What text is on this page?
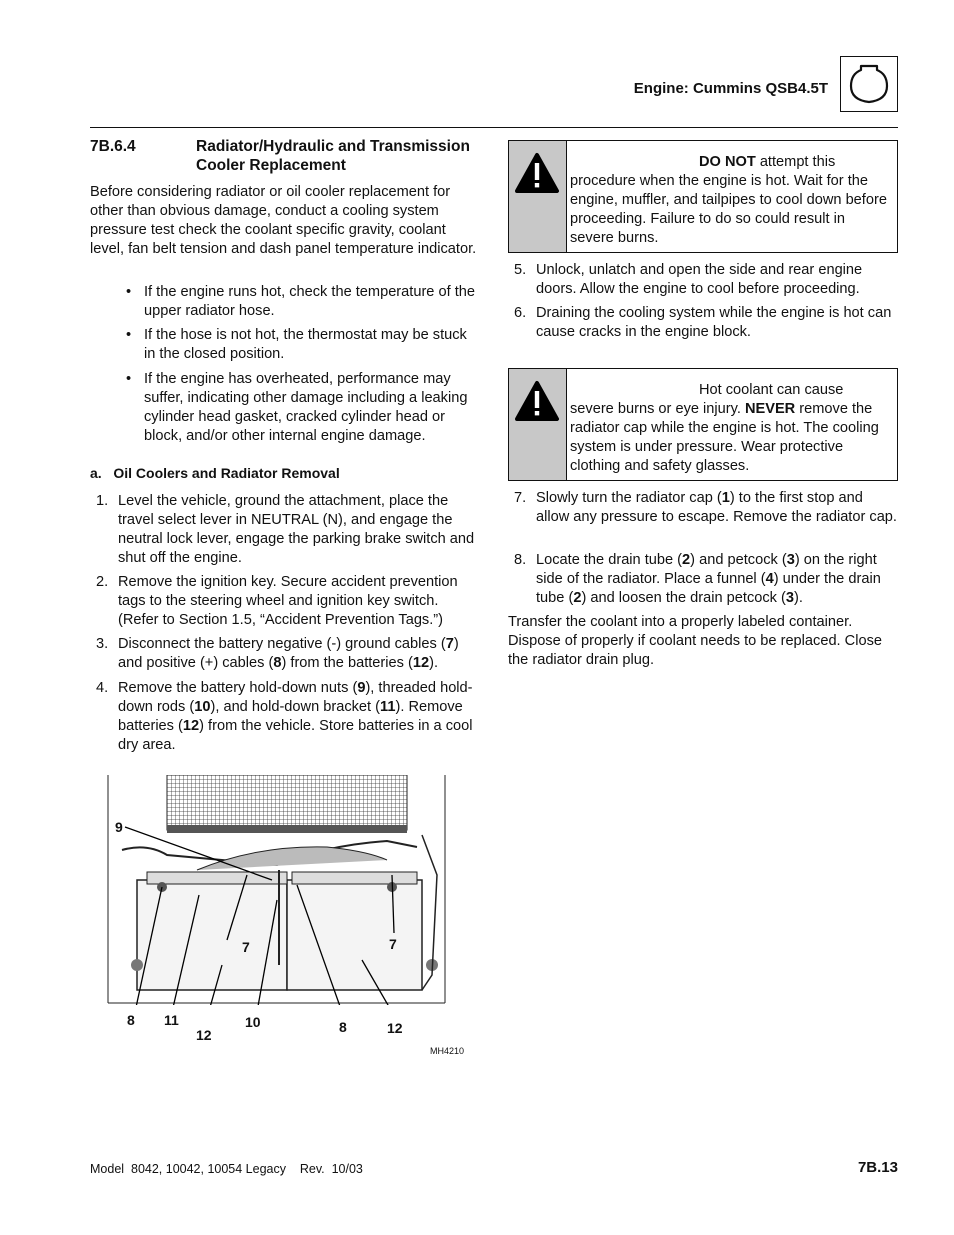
Engine: Cummins QSB4.5T
7B.6.4	Radiator/Hydraulic and Transmission Cooler Replacement

Before considering radiator or oil cooler replacement for other than obvious damage, conduct a cooling system pressure test check the coolant specific gravity, coolant level, fan belt tension and dash panel temperature indicator.

• If the engine runs hot, check the temperature of the upper radiator hose.
• If the hose is not hot, the thermostat may be stuck in the closed position.
• If the engine has overheated, performance may suffer, indicating other damage including a leaking cylinder head gasket, cracked cylinder head or block, and/or other internal engine damage.
a.   Oil Coolers and Radiator Removal
1. Level the vehicle, ground the attachment, place the travel select lever in NEUTRAL (N), and engage the neutral lock lever, engage the parking brake switch and shut off the engine.
2. Remove the ignition key. Secure accident prevention tags to the steering wheel and ignition key switch. (Refer to Section 1.5, “Accident Prevention Tags.”)
3. Disconnect the battery negative (-) ground cables (7) and positive (+) cables (8) from the batteries (12).
4. Remove the battery hold-down nuts (9), threaded hold-down rods (10), and hold-down bracket (11). Remove batteries (12) from the vehicle. Store batteries in a cool dry area.
9
7	7
8 11
12
10	8	12
MH4210
DO NOT attempt this procedure when the engine is hot. Wait for the engine, muffler, and tailpipes to cool down before proceeding. Failure to do so could result in severe burns.
5. Unlock, unlatch and open the side and rear engine doors. Allow the engine to cool before proceeding.
6. Draining the cooling system while the engine is hot can cause cracks in the engine block.
Hot coolant can cause severe burns or eye injury. NEVER remove the radiator cap while the engine is hot. The cooling system is under pressure. Wear protective clothing and safety glasses.
7. Slowly turn the radiator cap (1) to the first stop and allow any pressure to escape. Remove the radiator cap.
8. Locate the drain tube (2) and petcock (3) on the right side of the radiator. Place a funnel (4) under the drain tube (2) and loosen the drain petcock (3).

Transfer the coolant into a properly labeled container. Dispose of properly if coolant needs to be replaced. Close the radiator drain plug.

Model  8042, 10042, 10054 Legacy    Rev.  10/03	7B.13
